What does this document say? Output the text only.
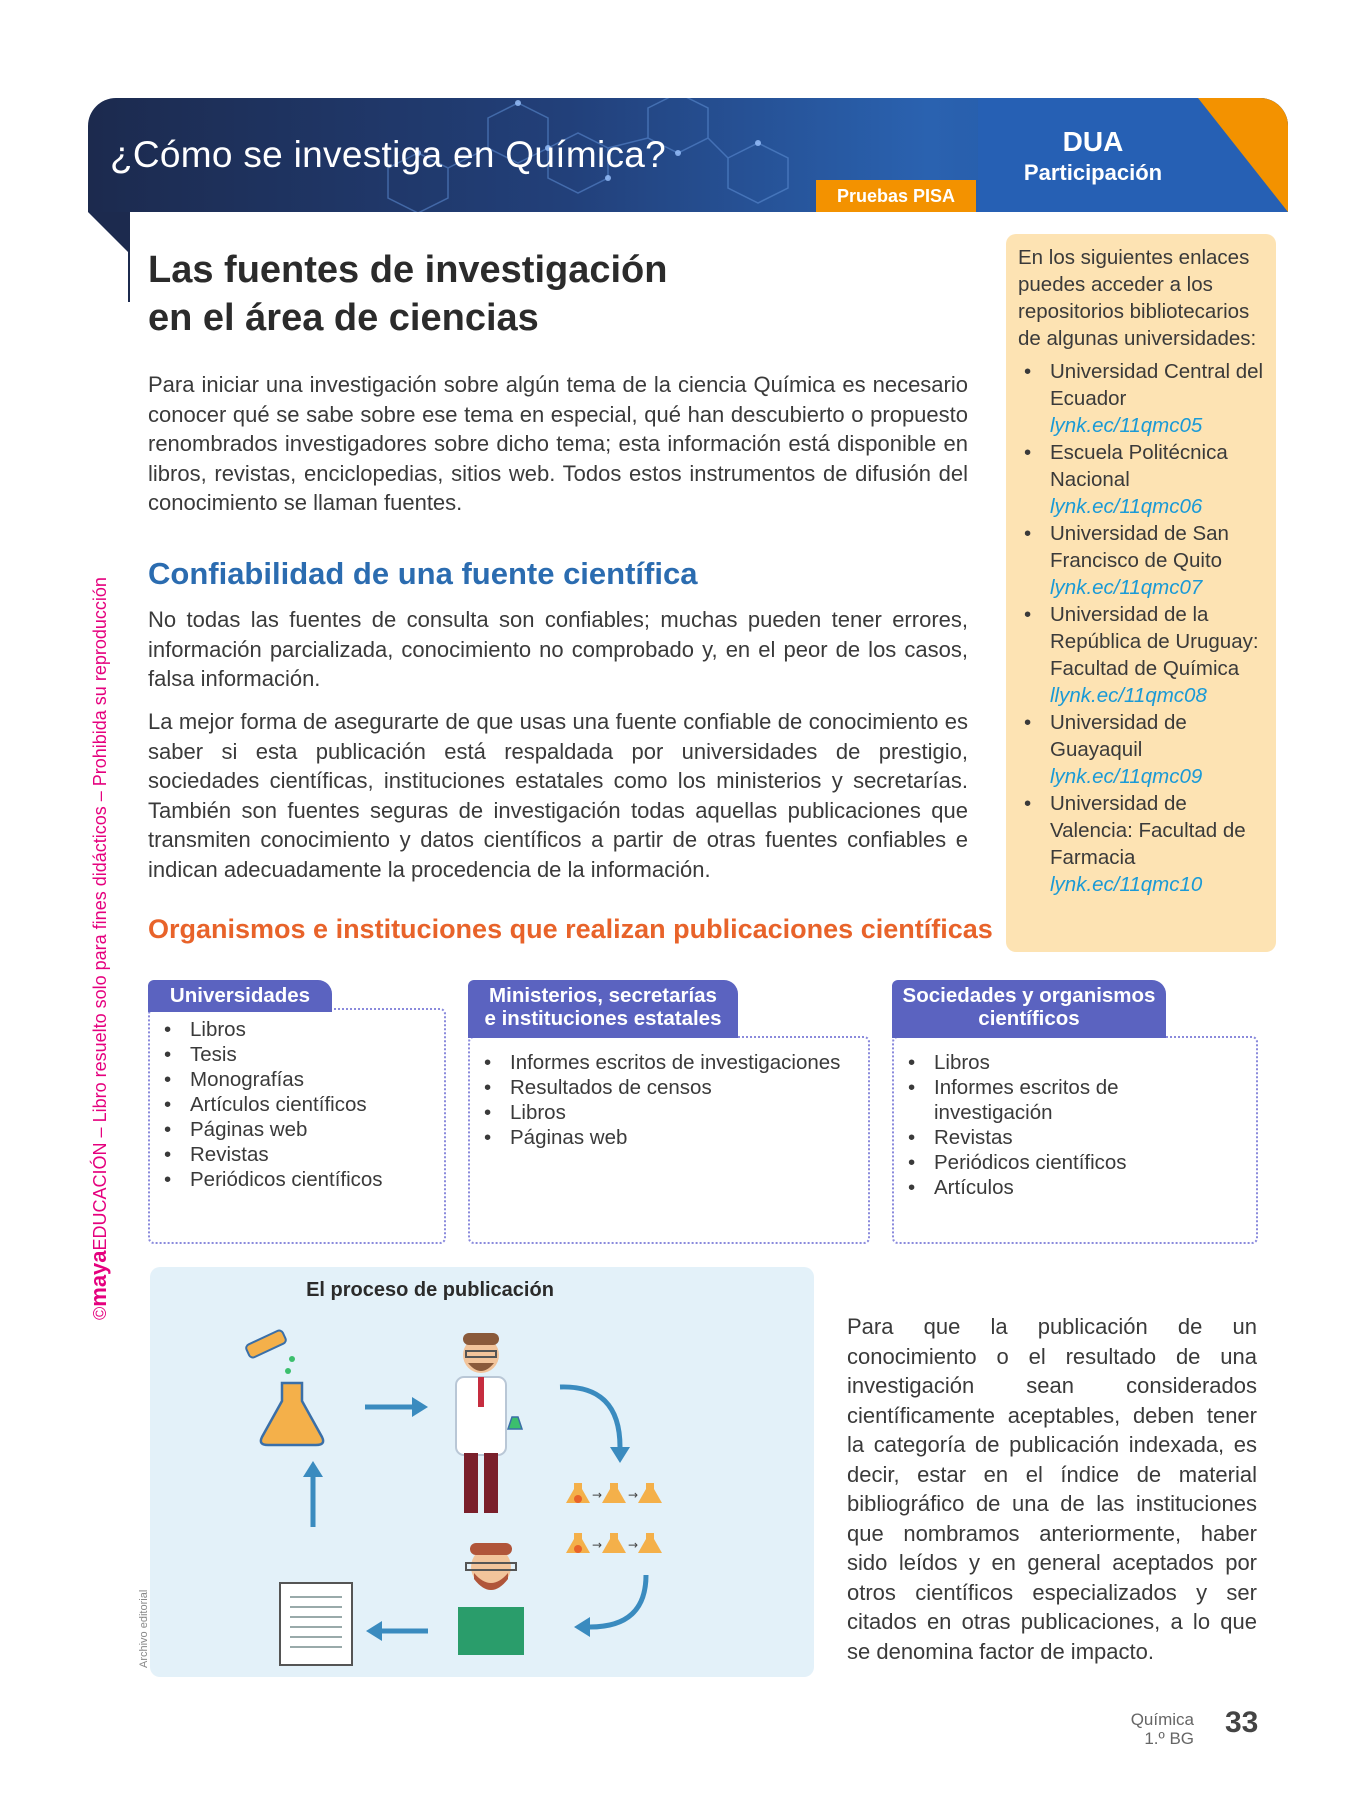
¿Cómo se investiga en Química?
Pruebas PISA
DUA
Participación
©mayaEDUCACIÓN – Libro resuelto solo para fines didácticos – Prohibida su reproducción
Las fuentes de investigación en el área de ciencias
Para iniciar una investigación sobre algún tema de la ciencia Química es necesario conocer qué se sabe sobre ese tema en especial, qué han descubierto o propuesto renombrados investigadores sobre dicho tema; esta información está disponible en libros, revistas, enciclopedias, sitios web. Todos estos instrumentos de difusión del conocimiento se llaman fuentes.
Confiabilidad de una fuente científica
No todas las fuentes de consulta son confiables; muchas pueden tener errores, información parcializada, conocimiento no comprobado y, en el peor de los casos, falsa información.
La mejor forma de asegurarte de que usas una fuente confiable de conocimiento es saber si esta publicación está respaldada por universidades de prestigio, sociedades científicas, instituciones estatales como los ministerios y secretarías. También son fuentes seguras de investigación todas aquellas publicaciones que transmiten conocimiento y datos científicos a partir de otras fuentes confiables e indican adecuadamente la procedencia de la información.
Organismos e instituciones que realizan publicaciones científicas
En los siguientes enlaces puedes acceder a los repositorios bibliotecarios de algunas universidades:
• Universidad Central del Ecuador
lynk.ec/11qmc05
• Escuela Politécnica Nacional
lynk.ec/11qmc06
• Universidad de San Francisco de Quito
lynk.ec/11qmc07
• Universidad de la República de Uruguay: Facultad de Química
llynk.ec/11qmc08
• Universidad de Guayaquil
lynk.ec/11qmc09
• Universidad de Valencia: Facultad de Farmacia
lynk.ec/11qmc10
Universidades
• Libros
• Tesis
• Monografías
• Artículos científicos
• Páginas web
• Revistas
• Periódicos científicos
Ministerios, secretarías
e instituciones estatales
• Informes escritos de investigaciones
• Resultados de censos
• Libros
• Páginas web
Sociedades y organismos
científicos
• Libros
• Informes escritos de investigación
• Revistas
• Periódicos científicos
• Artículos
El proceso de publicación
→ →
→ →
Archivo editorial
Para que la publicación de un conocimiento o el resultado de una investigación sean considerados científicamente aceptables, deben tener la categoría de publicación indexada, es decir, estar en el índice de material bibliográfico de una de las instituciones que nombramos anteriormente, haber sido leídos y en general aceptados por otros científicos especializados y ser citados en otras publicaciones, a lo que se denomina factor de impacto.
Química
1.º BG 33
